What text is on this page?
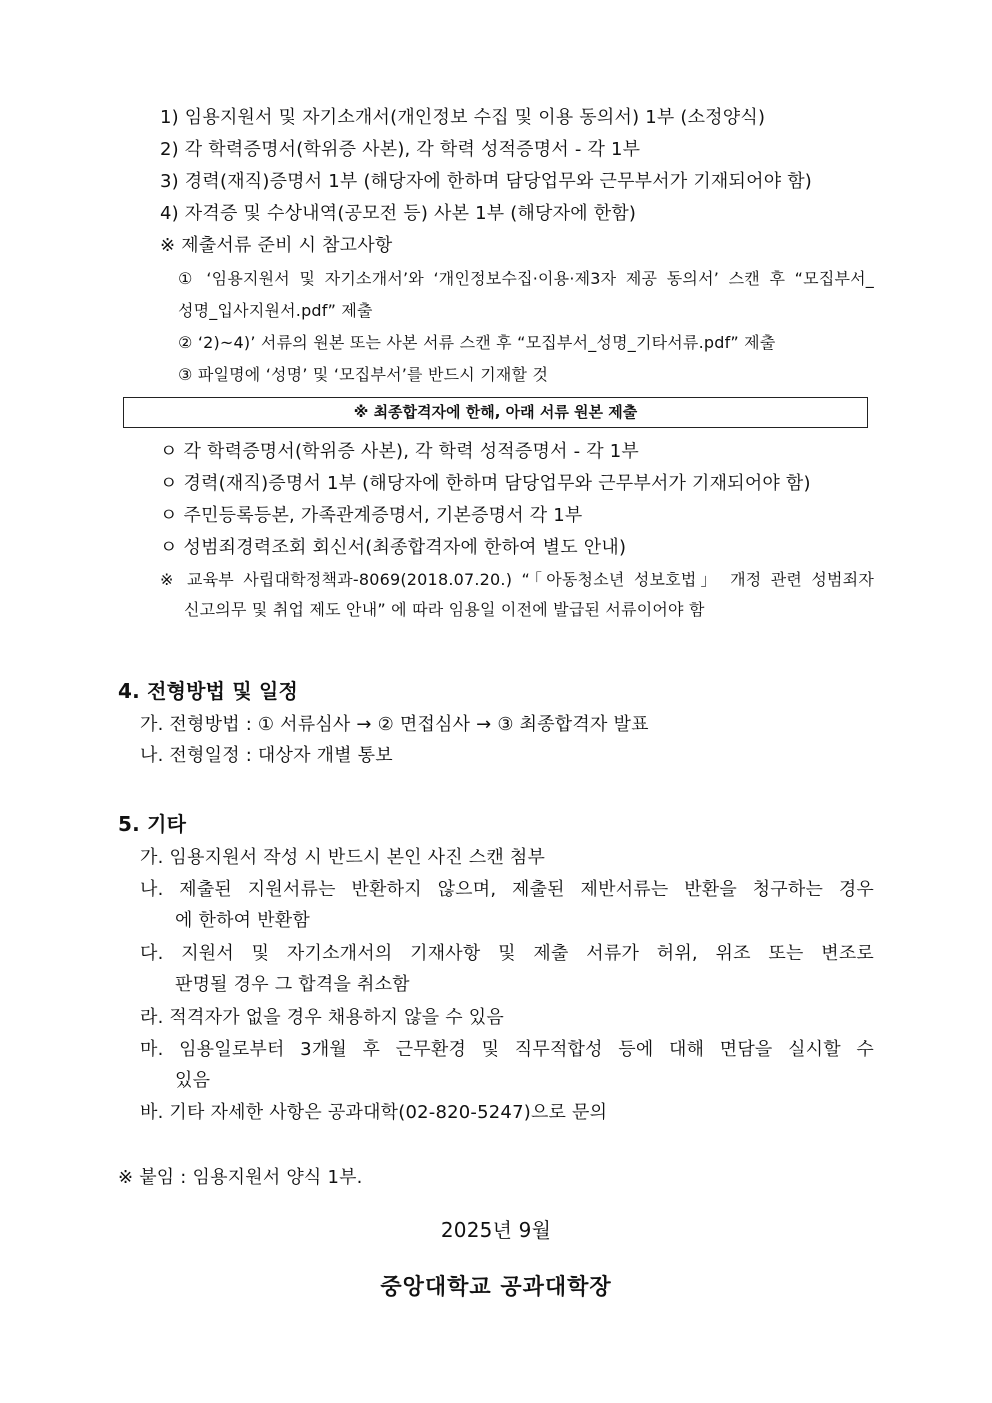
1) 임용지원서 및 자기소개서(개인정보 수집 및 이용 동의서) 1부 (소정양식)
2) 각 학력증명서(학위증 사본), 각 학력 성적증명서 - 각 1부
3) 경력(재직)증명서 1부 (해당자에 한하며 담당업무와 근무부서가 기재되어야 함)
4) 자격증 및 수상내역(공모전 등) 사본 1부 (해당자에 한함)
※ 제출서류 준비 시 참고사항
① ‘임용지원서 및 자기소개서’와 ‘개인정보수집·이용·제3자 제공 동의서’ 스캔 후 “모집부서_
성명_입사지원서.pdf” 제출
② ‘2)~4)’ 서류의 원본 또는 사본 서류 스캔 후 “모집부서_성명_기타서류.pdf” 제출
③ 파일명에 ‘성명’ 및 ‘모집부서’를 반드시 기재할 것
※ 최종합격자에 한해, 아래 서류 원본 제출
ㅇ 각 학력증명서(학위증 사본), 각 학력 성적증명서 - 각 1부
ㅇ 경력(재직)증명서 1부 (해당자에 한하며 담당업무와 근무부서가 기재되어야 함)
ㅇ 주민등록등본, 가족관계증명서, 기본증명서 각 1부
ㅇ 성범죄경력조회 회신서(최종합격자에 한하여 별도 안내)
※ 교육부 사립대학정책과-8069(2018.07.20.) “「아동청소년 성보호법」 개정 관련 성범죄자
신고의무 및 취업 제도 안내” 에 따라 임용일 이전에 발급된 서류이어야 함
4. 전형방법 및 일정
가. 전형방법 : ① 서류심사 → ② 면접심사 → ③ 최종합격자 발표
나. 전형일정 : 대상자 개별 통보
5. 기타
가. 임용지원서 작성 시 반드시 본인 사진 스캔 첨부
나. 제출된 지원서류는 반환하지 않으며, 제출된 제반서류는 반환을 청구하는 경우
에 한하여 반환함
다. 지원서 및 자기소개서의 기재사항 및 제출 서류가 허위, 위조 또는 변조로
판명될 경우 그 합격을 취소함
라. 적격자가 없을 경우 채용하지 않을 수 있음
마. 임용일로부터 3개월 후 근무환경 및 직무적합성 등에 대해 면담을 실시할 수
있음
바. 기타 자세한 사항은 공과대학(02-820-5247)으로 문의
※ 붙임 : 임용지원서 양식 1부.
2025년 9월
중앙대학교 공과대학장
